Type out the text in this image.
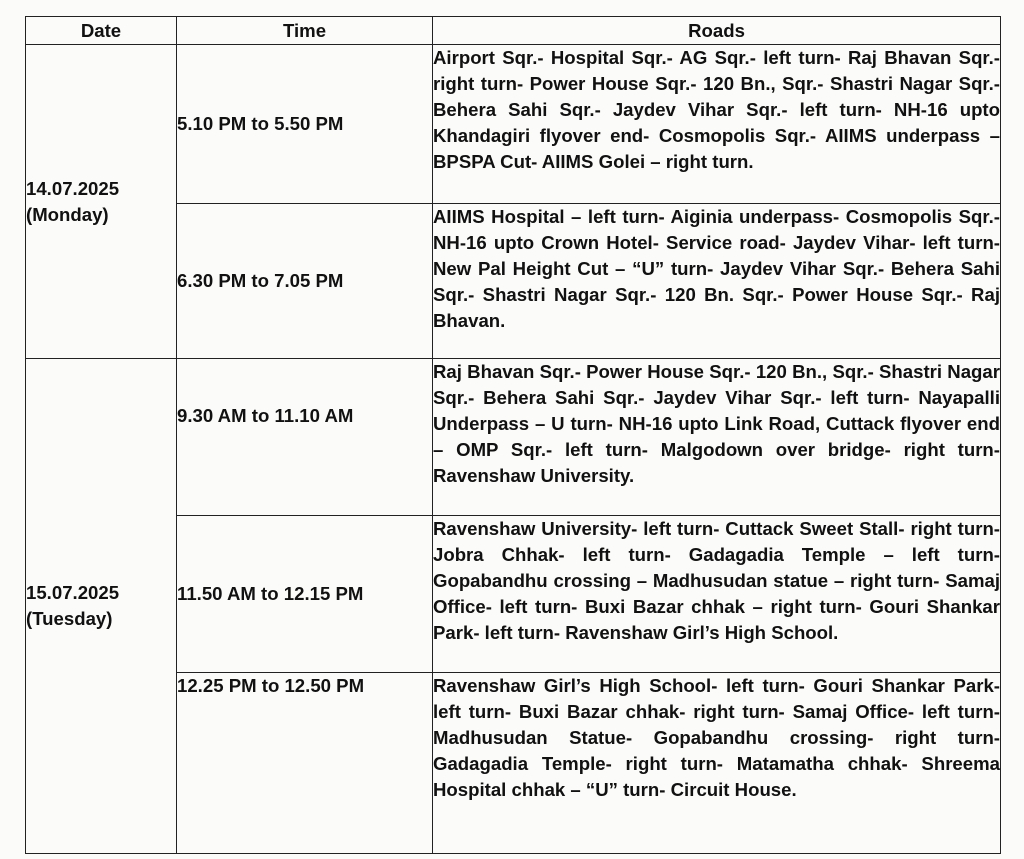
Date	Time	Roads

14.07.2025
(Monday)	5.10 PM to 5.50 PM	Airport Sqr.- Hospital Sqr.- AG Sqr.- left turn- Raj Bhavan Sqr.- right turn- Power House Sqr.- 120 Bn., Sqr.- Shastri Nagar Sqr.- Behera Sahi Sqr.- Jaydev Vihar Sqr.- left turn- NH-16 upto Khandagiri flyover end- Cosmopolis Sqr.- AIIMS underpass – BPSPA Cut- AIIMS Golei – right turn.
	6.30 PM to 7.05 PM	AIIMS Hospital – left turn- Aiginia underpass- Cosmopolis Sqr.- NH-16 upto Crown Hotel- Service road- Jaydev Vihar- left turn- New Pal Height Cut – “U” turn- Jaydev Vihar Sqr.- Behera Sahi Sqr.- Shastri Nagar Sqr.- 120 Bn. Sqr.- Power House Sqr.- Raj Bhavan.

15.07.2025
(Tuesday)	9.30 AM to 11.10 AM	Raj Bhavan Sqr.- Power House Sqr.- 120 Bn., Sqr.- Shastri Nagar Sqr.- Behera Sahi Sqr.- Jaydev Vihar Sqr.- left turn- Nayapalli Underpass – U turn- NH-16 upto Link Road, Cuttack flyover end – OMP Sqr.- left turn- Malgodown over bridge- right turn- Ravenshaw University.
	11.50 AM to 12.15 PM	Ravenshaw University- left turn- Cuttack Sweet Stall- right turn- Jobra Chhak- left turn- Gadagadia Temple – left turn- Gopabandhu crossing – Madhusudan statue – right turn- Samaj Office- left turn- Buxi Bazar chhak – right turn- Gouri Shankar Park- left turn- Ravenshaw Girl’s High School.
	12.25 PM to 12.50 PM	Ravenshaw Girl’s High School- left turn- Gouri Shankar Park- left turn- Buxi Bazar chhak- right turn- Samaj Office- left turn- Madhusudan Statue- Gopabandhu crossing- right turn- Gadagadia Temple- right turn- Matamatha chhak- Shreema Hospital chhak – “U” turn- Circuit House.
